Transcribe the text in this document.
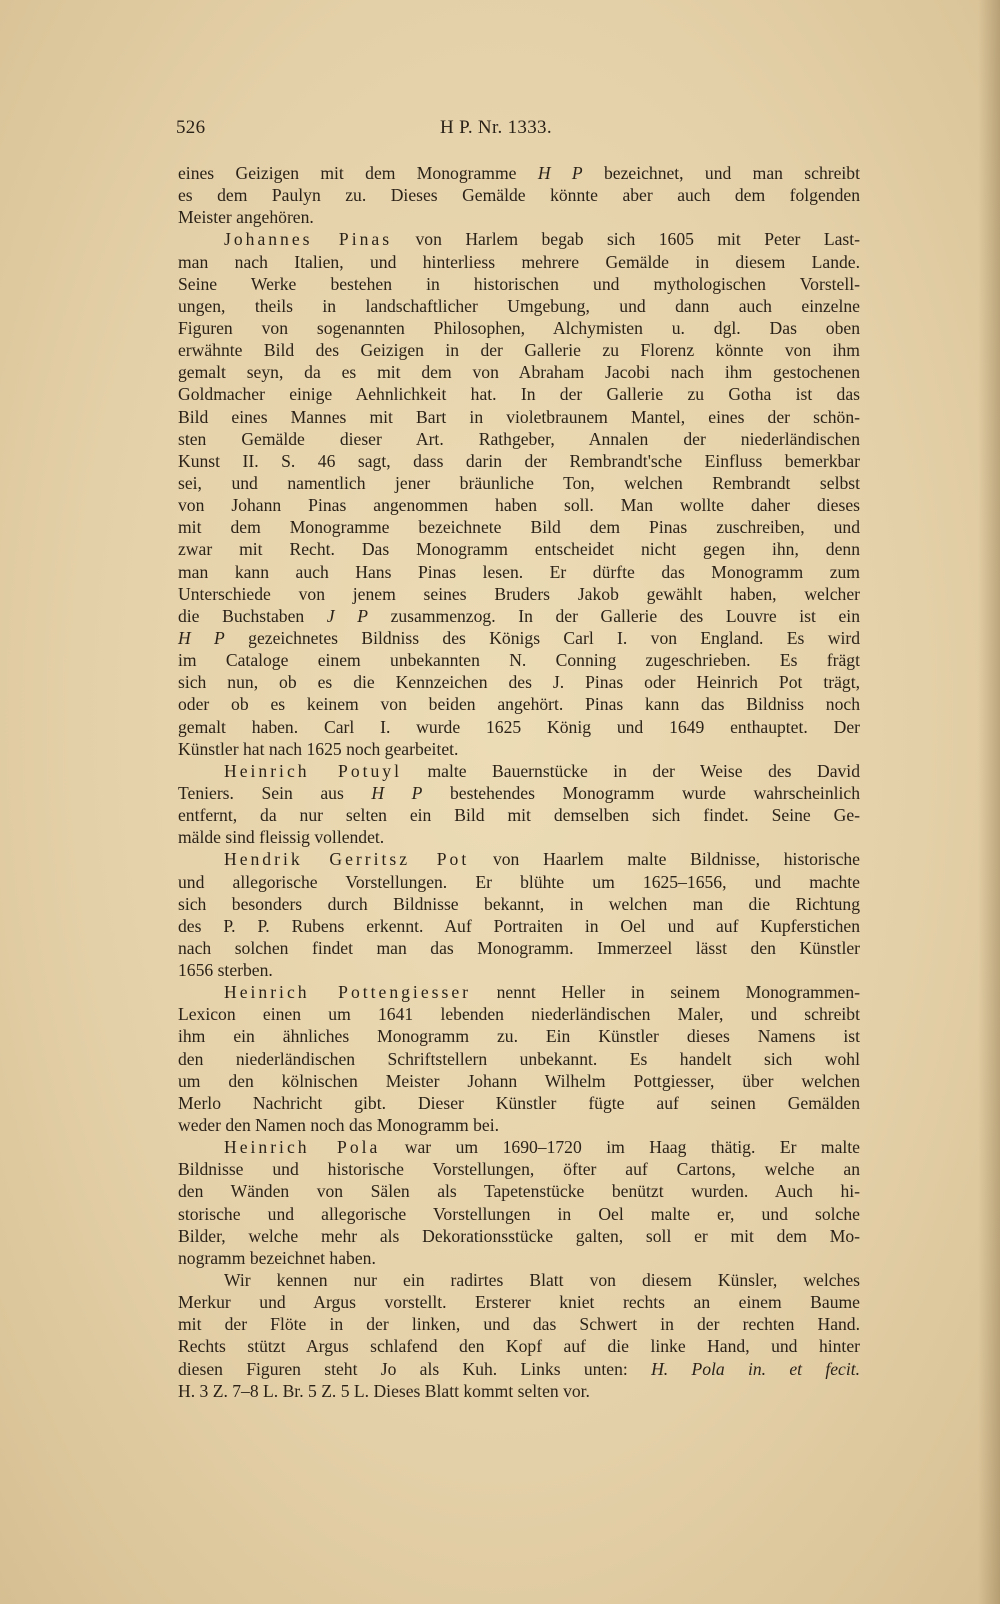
526	H P. Nr. 1333.
eines Geizigen mit dem Monogramme H P bezeichnet, und man schreibt
es dem Paulyn zu. Dieses Gemälde könnte aber auch dem folgenden
Meister angehören.
Johannes Pinas von Harlem begab sich 1605 mit Peter Last-
man nach Italien, und hinterliess mehrere Gemälde in diesem Lande.
Seine Werke bestehen in historischen und mythologischen Vorstell-
ungen, theils in landschaftlicher Umgebung, und dann auch einzelne
Figuren von sogenannten Philosophen, Alchymisten u. dgl. Das oben
erwähnte Bild des Geizigen in der Gallerie zu Florenz könnte von ihm
gemalt seyn, da es mit dem von Abraham Jacobi nach ihm gestochenen
Goldmacher einige Aehnlichkeit hat. In der Gallerie zu Gotha ist das
Bild eines Mannes mit Bart in violetbraunem Mantel, eines der schön-
sten Gemälde dieser Art. Rathgeber, Annalen der niederländischen
Kunst II. S. 46 sagt, dass darin der Rembrandt'sche Einfluss bemerkbar
sei, und namentlich jener bräunliche Ton, welchen Rembrandt selbst
von Johann Pinas angenommen haben soll. Man wollte daher dieses
mit dem Monogramme bezeichnete Bild dem Pinas zuschreiben, und
zwar mit Recht. Das Monogramm entscheidet nicht gegen ihn, denn
man kann auch Hans Pinas lesen. Er dürfte das Monogramm zum
Unterschiede von jenem seines Bruders Jakob gewählt haben, welcher
die Buchstaben J P zusammenzog. In der Gallerie des Louvre ist ein
H P gezeichnetes Bildniss des Königs Carl I. von England. Es wird
im Cataloge einem unbekannten N. Conning zugeschrieben. Es frägt
sich nun, ob es die Kennzeichen des J. Pinas oder Heinrich Pot trägt,
oder ob es keinem von beiden angehört. Pinas kann das Bildniss noch
gemalt haben. Carl I. wurde 1625 König und 1649 enthauptet. Der
Künstler hat nach 1625 noch gearbeitet.
Heinrich Potuyl malte Bauernstücke in der Weise des David
Teniers. Sein aus H P bestehendes Monogramm wurde wahrscheinlich
entfernt, da nur selten ein Bild mit demselben sich findet. Seine Ge-
mälde sind fleissig vollendet.
Hendrik Gerritsz Pot von Haarlem malte Bildnisse, historische
und allegorische Vorstellungen. Er blühte um 1625–1656, und machte
sich besonders durch Bildnisse bekannt, in welchen man die Richtung
des P. P. Rubens erkennt. Auf Portraiten in Oel und auf Kupferstichen
nach solchen findet man das Monogramm. Immerzeel lässt den Künstler
1656 sterben.
Heinrich Pottengiesser nennt Heller in seinem Monogrammen-
Lexicon einen um 1641 lebenden niederländischen Maler, und schreibt
ihm ein ähnliches Monogramm zu. Ein Künstler dieses Namens ist
den niederländischen Schriftstellern unbekannt. Es handelt sich wohl
um den kölnischen Meister Johann Wilhelm Pottgiesser, über welchen
Merlo Nachricht gibt. Dieser Künstler fügte auf seinen Gemälden
weder den Namen noch das Monogramm bei.
Heinrich Pola war um 1690–1720 im Haag thätig. Er malte
Bildnisse und historische Vorstellungen, öfter auf Cartons, welche an
den Wänden von Sälen als Tapetenstücke benützt wurden. Auch hi-
storische und allegorische Vorstellungen in Oel malte er, und solche
Bilder, welche mehr als Dekorationsstücke galten, soll er mit dem Mo-
nogramm bezeichnet haben.
Wir kennen nur ein radirtes Blatt von diesem Künsler, welches
Merkur und Argus vorstellt. Ersterer kniet rechts an einem Baume
mit der Flöte in der linken, und das Schwert in der rechten Hand.
Rechts stützt Argus schlafend den Kopf auf die linke Hand, und hinter
diesen Figuren steht Jo als Kuh. Links unten: H. Pola in. et fecit.
H. 3 Z. 7–8 L. Br. 5 Z. 5 L. Dieses Blatt kommt selten vor.
